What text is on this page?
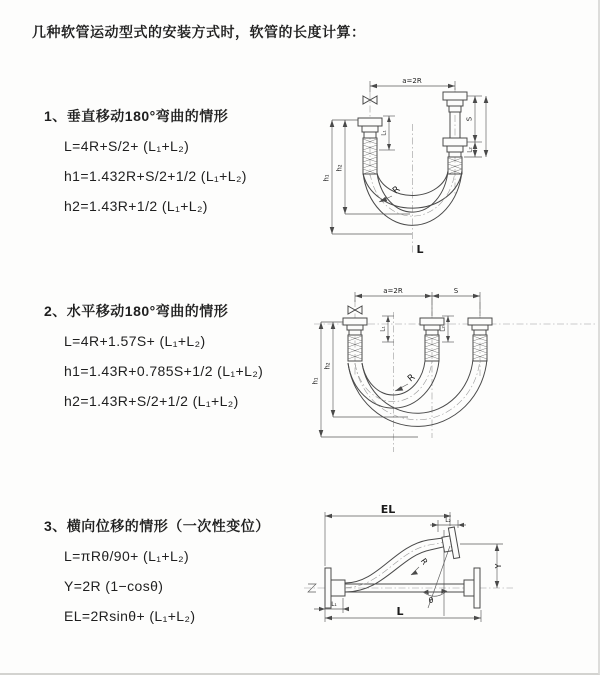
几种软管运动型式的安装方式时，软管的长度计算：
1、垂直移动180°弯曲的情形
L=4R+S/2+ (L₁+L₂)
h1=1.432R+S/2+1/2 (L₁+L₂)
h2=1.43R+1/2 (L₁+L₂)
a=2R
h₁
h₂
L₁
S
L₂
R
L
2、水平移动180°弯曲的情形
L=4R+1.57S+ (L₁+L₂)
h1=1.43R+0.785S+1/2 (L₁+L₂)
h2=1.43R+S/2+1/2 (L₁+L₂)
a=2R	S
h₁
h₂
L₁	L₂
R
3、横向位移的情形（一次性变位）
L=πRθ/90+ (L₁+L₂)
Y=2R (1−cosθ)
EL=2Rsinθ+ (L₁+L₂)
EL
L₂
Y
θ
R
L₁	L
